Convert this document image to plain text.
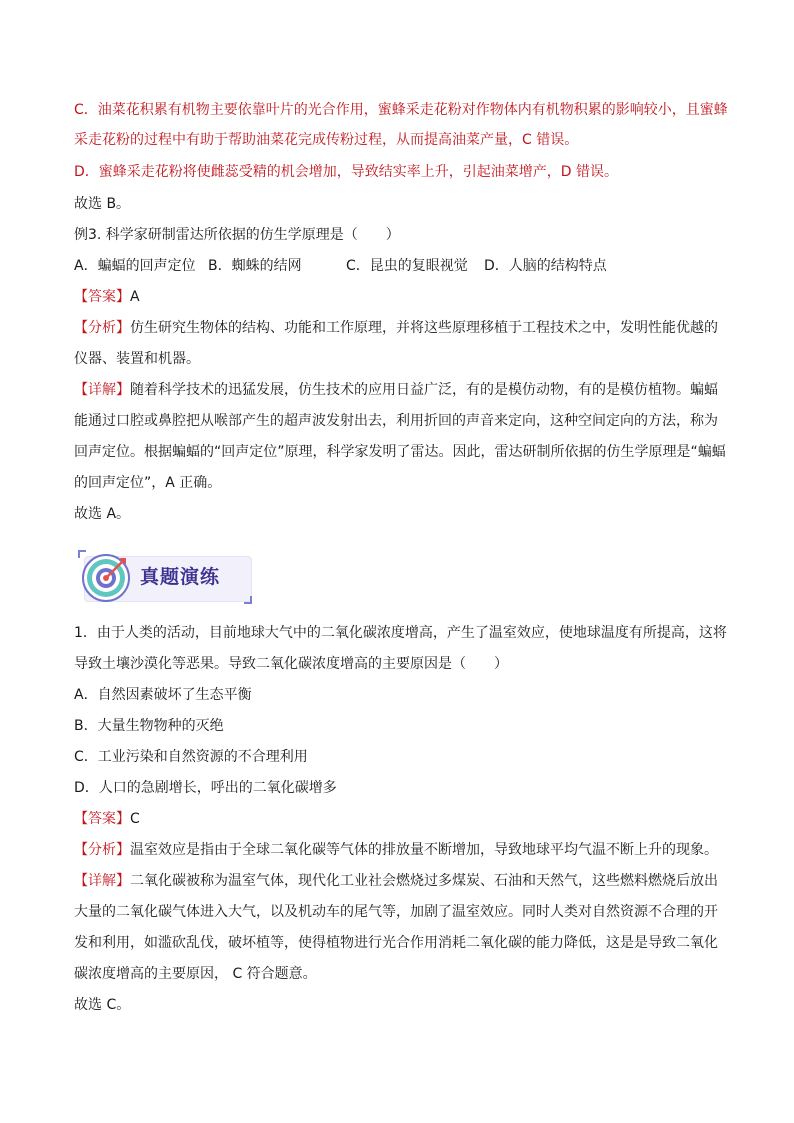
C．油菜花积累有机物主要依靠叶片的光合作用，蜜蜂采走花粉对作物体内有机物积累的影响较小，且蜜蜂
采走花粉的过程中有助于帮助油菜花完成传粉过程，从而提高油菜产量，C 错误。
D．蜜蜂采走花粉将使雌蕊受精的机会增加，导致结实率上升，引起油菜增产，D 错误。
故选 B。
例3. 科学家研制雷达所依据的仿生学原理是（　　）
A．蝙蝠的回声定位 B．蜘蛛的结网	C．昆虫的复眼视觉 D．人脑的结构特点
【答案】A
【分析】仿生研究生物体的结构、功能和工作原理，并将这些原理移植于工程技术之中，发明性能优越的
仪器、装置和机器。
【详解】随着科学技术的迅猛发展，仿生技术的应用日益广泛，有的是模仿动物，有的是模仿植物。蝙蝠
能通过口腔或鼻腔把从喉部产生的超声波发射出去，利用折回的声音来定向，这种空间定向的方法，称为
回声定位。根据蝙蝠的“回声定位”原理，科学家发明了雷达。因此，雷达研制所依据的仿生学原理是“蝙蝠
的回声定位”，A 正确。
故选 A。
真题演练
1．由于人类的活动，目前地球大气中的二氧化碳浓度增高，产生了温室效应，使地球温度有所提高，这将
导致土壤沙漠化等恶果。导致二氧化碳浓度增高的主要原因是（　　）
A．自然因素破坏了生态平衡
B．大量生物物种的灭绝
C．工业污染和自然资源的不合理利用
D．人口的急剧增长，呼出的二氧化碳增多
【答案】C
【分析】温室效应是指由于全球二氧化碳等气体的排放量不断增加，导致地球平均气温不断上升的现象。
【详解】二氧化碳被称为温室气体，现代化工业社会燃烧过多煤炭、石油和天然气，这些燃料燃烧后放出
大量的二氧化碳气体进入大气，以及机动车的尾气等，加剧了温室效应。同时人类对自然资源不合理的开
发和利用，如滥砍乱伐，破坏植等，使得植物进行光合作用消耗二氧化碳的能力降低，这是是导致二氧化
碳浓度增高的主要原因， C 符合题意。
故选 C。
